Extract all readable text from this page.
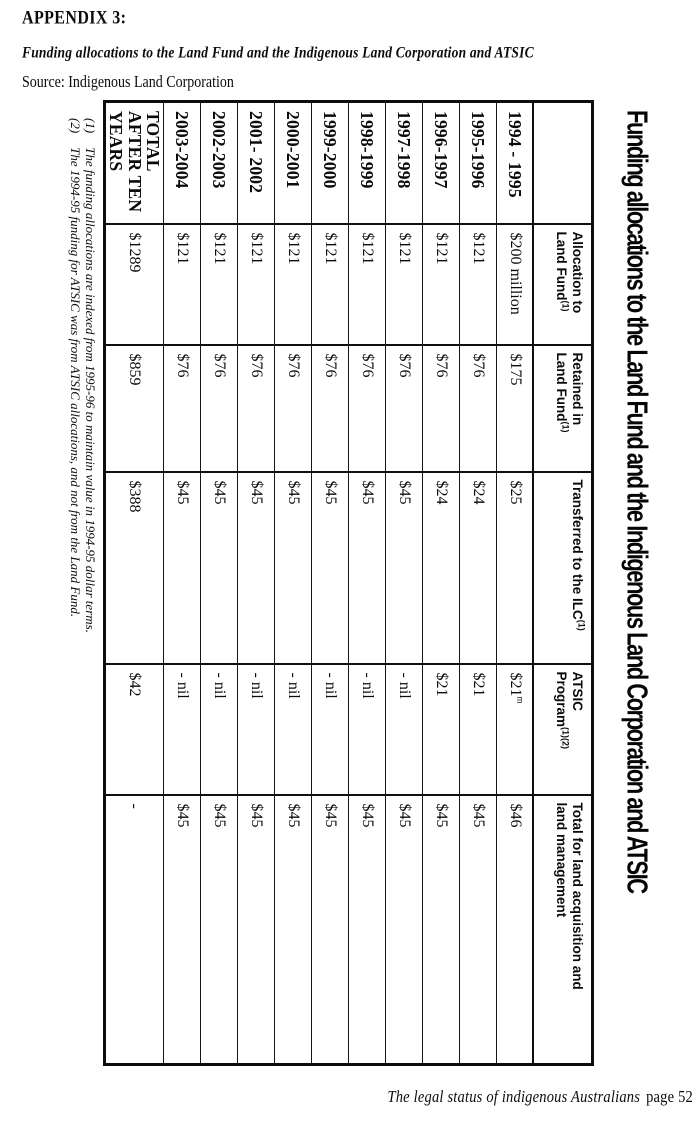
APPENDIX 3:
Funding allocations to the Land Fund and the Indigenous Land Corporation and ATSIC
Source: Indigenous Land Corporation
Funding allocations to the Land Fund and the Indigenous Land Corporation and ATSIC
	Allocation to
Land Fund$^{(1)}$	Retained in
Land Fund$^{(1)}$	Transferred to the ILC$^{(1)}$	ATSIC
Program$^{(1)(2)}$	Total for land acquisition and
land management
1994 - 1995	$200 million	$175	$25	$21$^m$	$46
1995-1996	$121	$76	$24	$21	$45
1996-1997	$121	$76	$24	$21	$45
1997-1998	$121	$76	$45	- nil	$45
1998-1999	$121	$76	$45	- nil	$45
1999-2000	$121	$76	$45	- nil	$45
2000-2001	$121	$76	$45	- nil	$45
2001- 2002	$121	$76	$45	- nil	$45
2002-2003	$121	$76	$45	- nil	$45
2003-2004	$121	$76	$45	- nil	$45
TOTAL AFTER TEN YEARS	$1289	$859	$388	$42	-
(1)The funding allocations are indexed from 1995-96 to maintain value in 1994-95 dollar terms.
(2)The 1994-95 funding for ATSIC was from ATSIC allocations, and not from the Land Fund.
The legal status of indigenous Australians page 52
